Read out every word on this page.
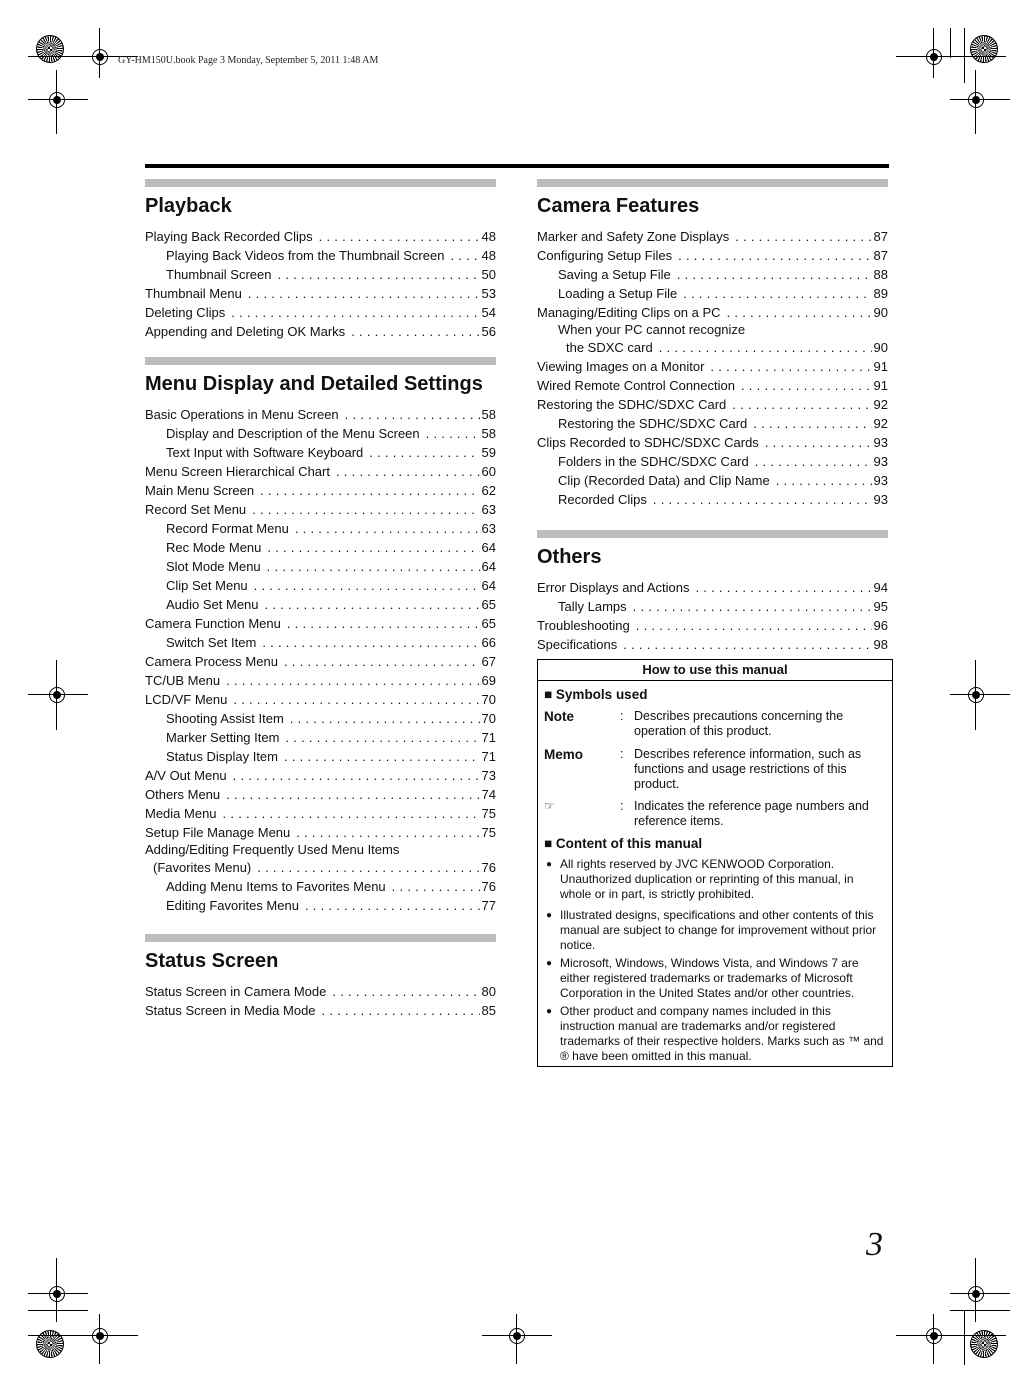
GY-HM150U.book Page 3 Monday, September 5, 2011 1:48 AM
Playback
Playing Back Recorded Clips . . .	48
Playing Back Videos from the Thumbnail Screen . . .	48
Thumbnail Screen . . .	50
Thumbnail Menu . . .	53
Deleting Clips . . .	54
Appending and Deleting OK Marks . . .	56
Menu Display and Detailed Settings
Basic Operations in Menu Screen . . .	58
Display and Description of the Menu Screen . . .	58
Text Input with Software Keyboard . . .	59
Menu Screen Hierarchical Chart . . .	60
Main Menu Screen . . .	62
Record Set Menu . . .	63
Record Format Menu . . .	63
Rec Mode Menu . . .	64
Slot Mode Menu . . .	64
Clip Set Menu . . .	64
Audio Set Menu . . .	65
Camera Function Menu . . .	65
Switch Set Item . . .	66
Camera Process Menu . . .	67
TC/UB Menu . . .	69
LCD/VF Menu . . .	70
Shooting Assist Item . . .	70
Marker Setting Item . . .	71
Status Display Item . . .	71
A/V Out Menu . . .	73
Others Menu . . .	74
Media Menu . . .	75
Setup File Manage Menu . . .	75
Adding/Editing Frequently Used Menu Items
(Favorites Menu) . . .	76
Adding Menu Items to Favorites Menu . . .	76
Editing Favorites Menu . . .	77
Status Screen
Status Screen in Camera Mode . . .	80
Status Screen in Media Mode . . .	85
Camera Features
Marker and Safety Zone Displays . . .	87
Configuring Setup Files . . .	87
Saving a Setup File . . .	88
Loading a Setup File . . .	89
Managing/Editing Clips on a PC . . .	90
When your PC cannot recognize
the SDXC card . . .	90
Viewing Images on a Monitor . . .	91
Wired Remote Control Connection . . .	91
Restoring the SDHC/SDXC Card . . .	92
Restoring the SDHC/SDXC Card . . .	92
Clips Recorded to SDHC/SDXC Cards . . .	93
Folders in the SDHC/SDXC Card . . .	93
Clip (Recorded Data) and Clip Name . . .	93
Recorded Clips . . .	93
Others
Error Displays and Actions . . .	94
Tally Lamps . . .	95
Troubleshooting . . .	96
Specifications . . .	98
How to use this manual
■ Symbols used
Note	: Describes precautions concerning the operation of this product.
Memo	: Describes reference information, such as functions and usage restrictions of this product.
☞	: Indicates the reference page numbers and reference items.
■ Content of this manual
● All rights reserved by JVC KENWOOD Corporation. Unauthorized duplication or reprinting of this manual, in whole or in part, is strictly prohibited.
● Illustrated designs, specifications and other contents of this manual are subject to change for improvement without prior notice.
● Microsoft, Windows, Windows Vista, and Windows 7 are either registered trademarks or trademarks of Microsoft Corporation in the United States and/or other countries.
● Other product and company names included in this instruction manual are trademarks and/or registered trademarks of their respective holders. Marks such as ™ and ® have been omitted in this manual.
3
